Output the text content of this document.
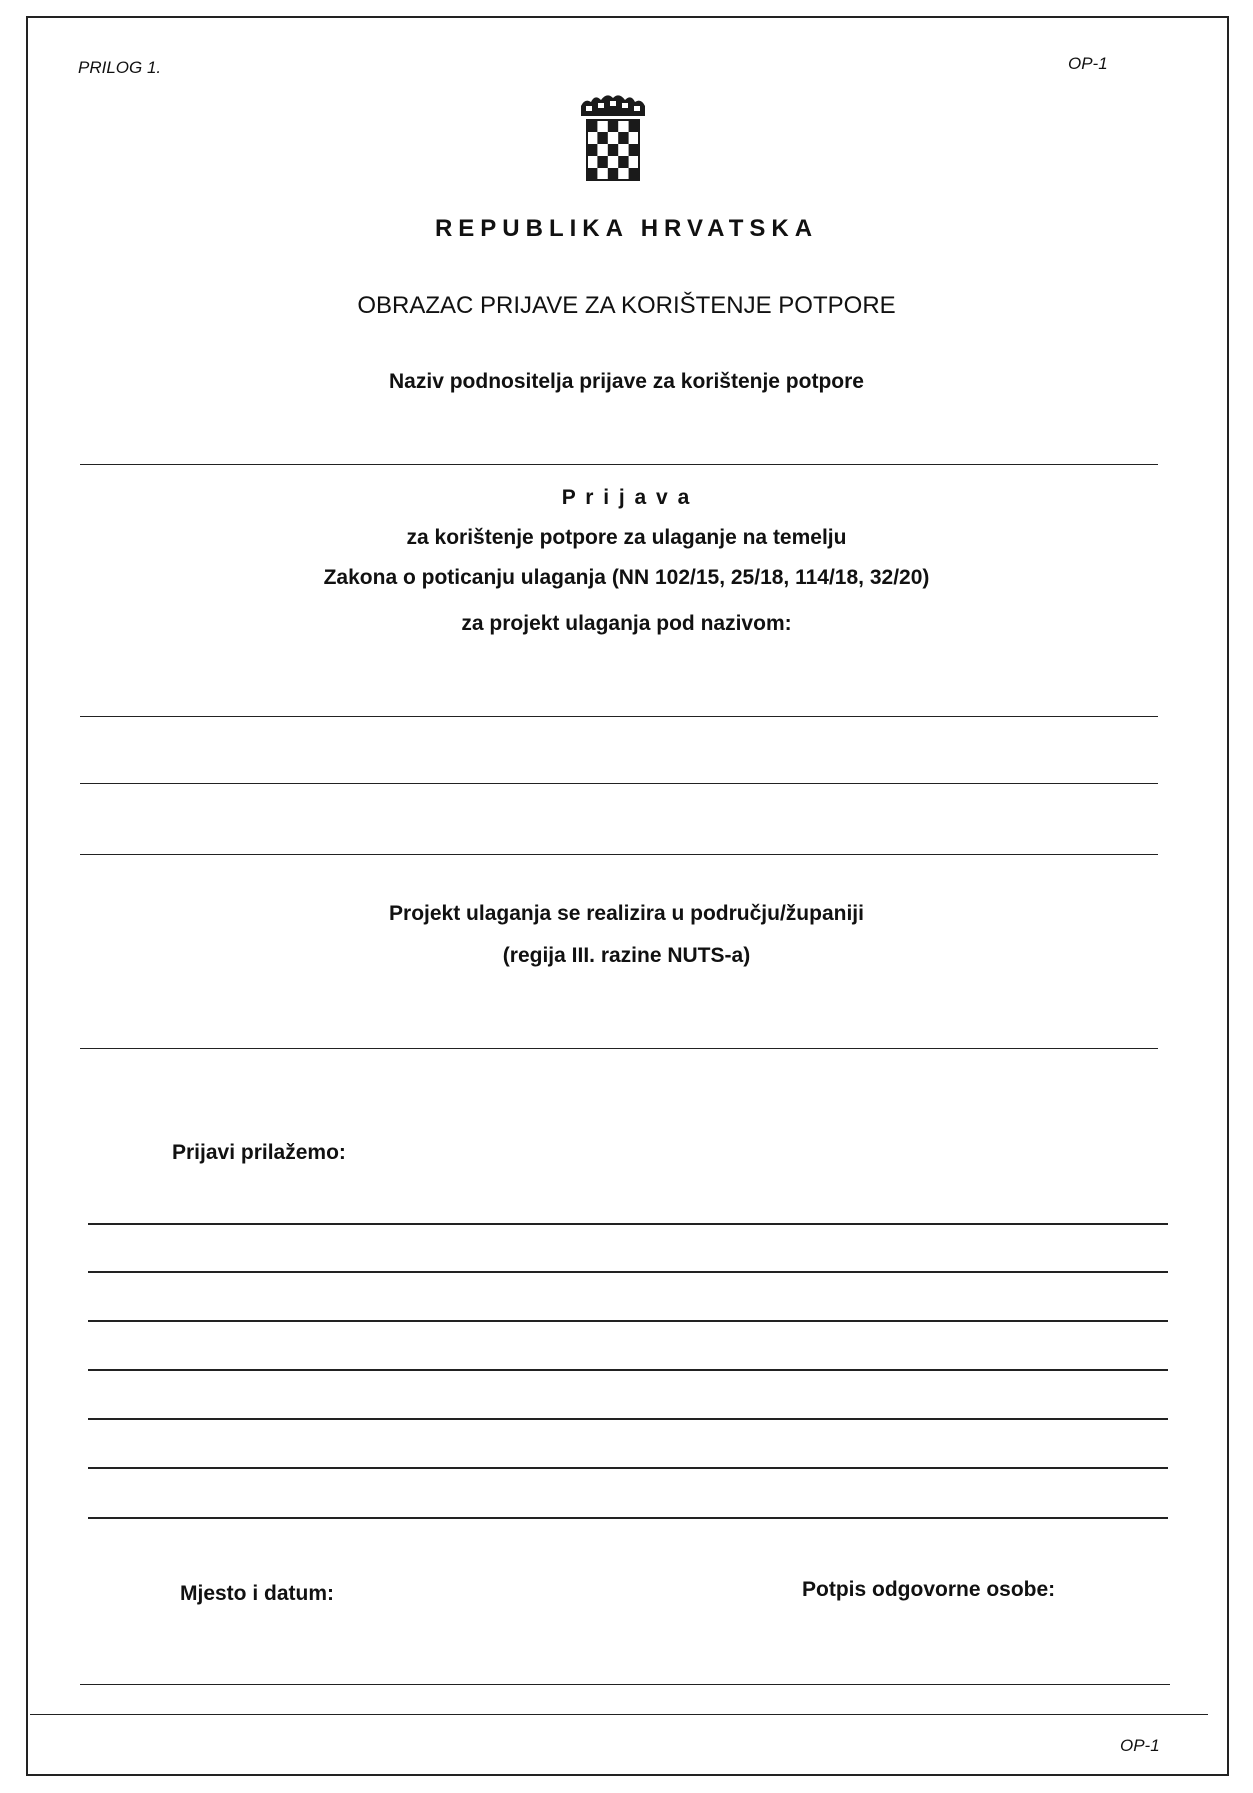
PRILOG 1.	OP-1
REPUBLIKA HRVATSKA
OBRAZAC PRIJAVE ZA KORIŠTENJE POTPORE
Naziv podnositelja prijave za korištenje potpore
P r i j a v a
za korištenje potpore za ulaganje na temelju
Zakona o poticanju ulaganja (NN 102/15, 25/18, 114/18, 32/20)
za projekt ulaganja pod nazivom:
Projekt ulaganja se realizira u području/županiji
(regija III. razine NUTS-a)
Prijavi prilažemo:
Mjesto i datum:	Potpis odgovorne osobe:
OP-1
